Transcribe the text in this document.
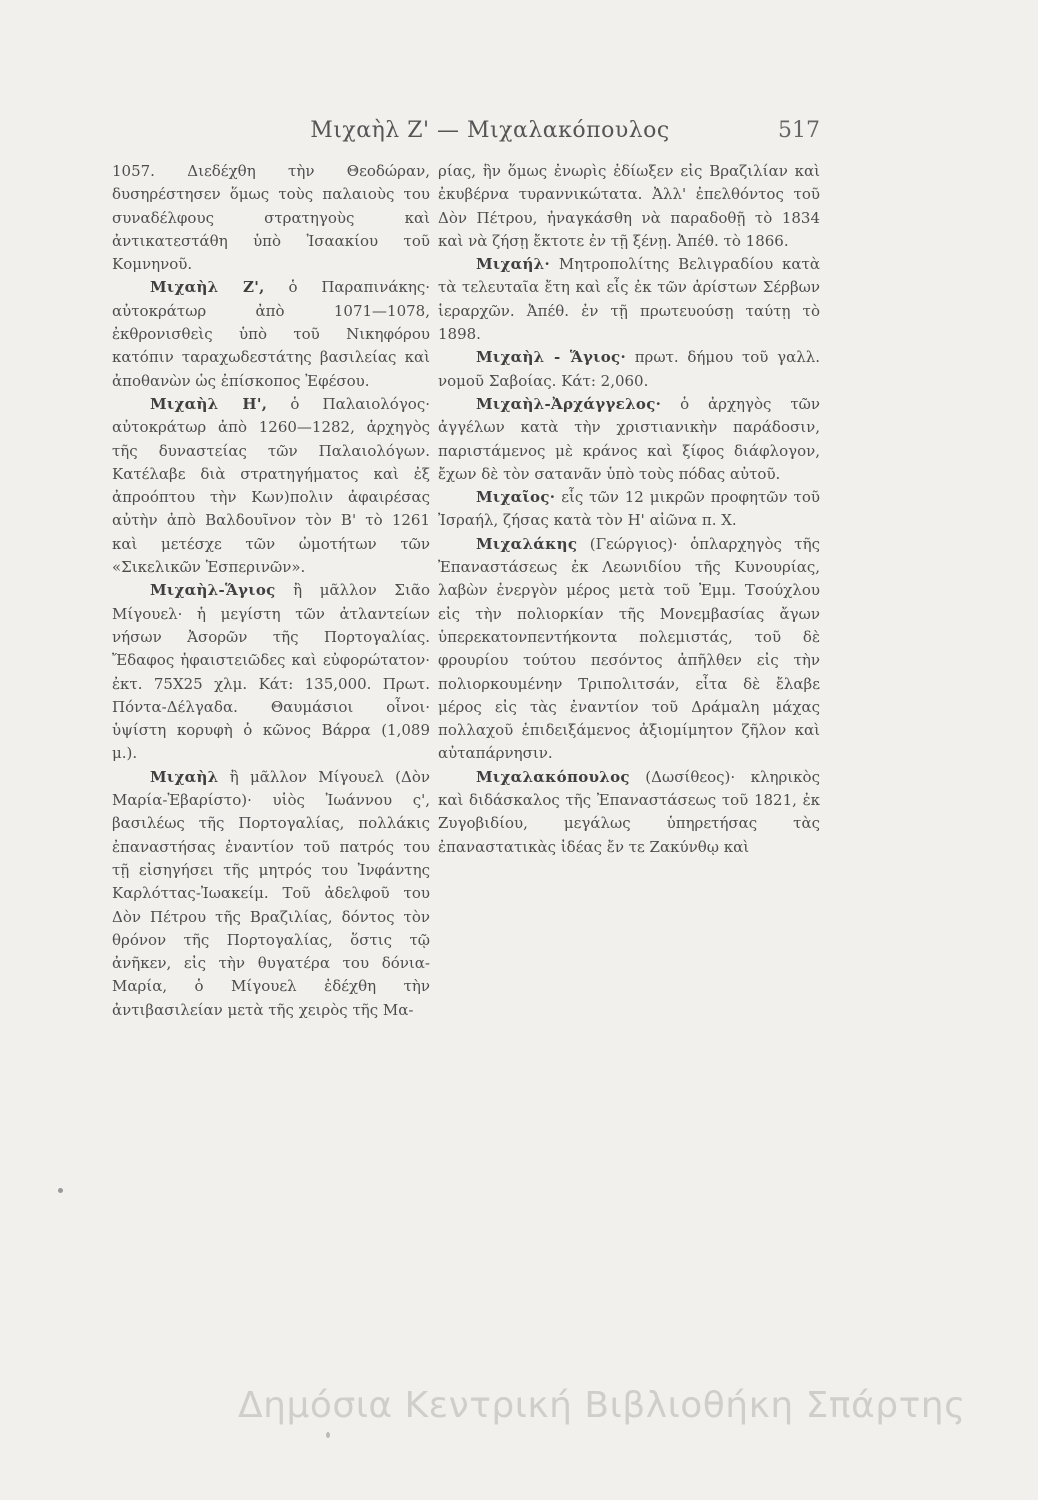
Μιχαὴλ Ζ' — Μιχαλακόπουλος	517

1057. Διεδέχθη τὴν Θεοδώραν, δυσηρέστησεν ὅμως τοὺς παλαιοὺς του συναδέλφους στρατηγοὺς καὶ ἀντικατεστάθη ὑπὸ Ἰσαακίου τοῦ Κομνηνοῦ.

Μιχαὴλ Ζ', ὁ Παραπινάκης· αὐτοκράτωρ ἀπὸ 1071—1078, ἐκθρονισθεὶς ὑπὸ τοῦ Νικηφόρου κατόπιν ταραχωδεστάτης βασιλείας καὶ ἀποθανὼν ὡς ἐπίσκοπος Ἐφέσου.

Μιχαὴλ Η', ὁ Παλαιολόγος· αὐτοκράτωρ ἀπὸ 1260—1282, ἀρχηγὸς τῆς δυναστείας τῶν Παλαιολόγων. Κατέλαβε διὰ στρατηγήματος καὶ ἐξ ἀπροόπτου τὴν Κων)πολιν ἀφαιρέσας αὐτὴν ἀπὸ Βαλδουῖνον τὸν Β' τὸ 1261 καὶ μετέσχε τῶν ὠμοτήτων τῶν «Σικελικῶν Ἑσπερινῶν».

Μιχαὴλ-Ἅγιος ἢ μᾶλλον Σιᾶο Μίγουελ· ἡ μεγίστη τῶν ἀτλαντείων νήσων Ἀσορῶν τῆς Πορτογαλίας. Ἔδαφος ἡφαιστειῶδες καὶ εὐφορώτατον· ἐκτ. 75Χ25 χλμ. Κάτ: 135,000. Πρωτ. Πόντα-Δέλγαδα. Θαυμάσιοι οἶνοι· ὑψίστη κορυφὴ ὁ κῶνος Βάρρα (1,089 μ.).

Μιχαὴλ ἢ μᾶλλον Μίγουελ (Δὸν Μαρία-Ἐβαρίστο)· υἱὸς Ἰωάννου ς', βασιλέως τῆς Πορτογαλίας, πολλάκις ἐπαναστήσας ἐναντίον τοῦ πατρός του τῇ εἰσηγήσει τῆς μητρός του Ἰνφάντης Καρλόττας-Ἰωακείμ. Τοῦ ἀδελφοῦ του Δὸν Πέτρου τῆς Βραζιλίας, δόντος τὸν θρόνον τῆς Πορτογαλίας, ὅστις τῷ ἀνῆκεν, εἰς τὴν θυγατέρα του δόνια-Μαρία, ὁ Μίγουελ ἐδέχθη τὴν ἀντιβασιλείαν μετὰ τῆς χειρὸς τῆς Μα-

ρίας, ἣν ὅμως ἐνωρὶς ἐδίωξεν εἰς Βραζιλίαν καὶ ἐκυβέρνα τυραννικώτατα. Ἀλλ' ἐπελθόντος τοῦ Δὸν Πέτρου, ἠναγκάσθη νὰ παραδοθῇ τὸ 1834 καὶ νὰ ζήσῃ ἔκτοτε ἐν τῇ ξένῃ. Ἀπέθ. τὸ 1866.

Μιχαήλ· Μητροπολίτης Βελιγραδίου κατὰ τὰ τελευταῖα ἔτη καὶ εἷς ἐκ τῶν ἀρίστων Σέρβων ἱεραρχῶν. Ἀπέθ. ἐν τῇ πρωτευούσῃ ταύτῃ τὸ 1898.

Μιχαὴλ - Ἅγιος· πρωτ. δήμου τοῦ γαλλ. νομοῦ Σαβοίας. Κάτ: 2,060.

Μιχαὴλ-Ἀρχάγγελος· ὁ ἀρχηγὸς τῶν ἀγγέλων κατὰ τὴν χριστιανικὴν παράδοσιν, παριστάμενος μὲ κράνος καὶ ξίφος διάφλογον, ἔχων δὲ τὸν σατανᾶν ὑπὸ τοὺς πόδας αὐτοῦ.

Μιχαῖος· εἷς τῶν 12 μικρῶν προφητῶν τοῦ Ἰσραήλ, ζήσας κατὰ τὸν Η' αἰῶνα π. Χ.

Μιχαλάκης (Γεώργιος)· ὁπλαρχηγὸς τῆς Ἐπαναστάσεως ἐκ Λεωνιδίου τῆς Κυνουρίας, λαβὼν ἐνεργὸν μέρος μετὰ τοῦ Ἐμμ. Τσούχλου εἰς τὴν πολιορκίαν τῆς Μονεμβασίας ἄγων ὑπερεκατονπεντήκοντα πολεμιστάς, τοῦ δὲ φρουρίου τούτου πεσόντος ἀπῆλθεν εἰς τὴν πολιορκουμένην Τριπολιτσάν, εἶτα δὲ ἔλαβε μέρος εἰς τὰς ἐναντίον τοῦ Δράμαλη μάχας πολλαχοῦ ἐπιδειξάμενος ἀξιομίμητον ζῆλον καὶ αὐταπάρνησιν.

Μιχαλακόπουλος (Δωσίθεος)· κληρικὸς καὶ διδάσκαλος τῆς Ἐπαναστάσεως τοῦ 1821, ἐκ Ζυγοβιδίου, μεγάλως ὑπηρετήσας τὰς ἐπαναστατικὰς ἰδέας ἔν τε Ζακύνθῳ καὶ

Δημόσια Κεντρική Βιβλιοθήκη Σπάρτης
